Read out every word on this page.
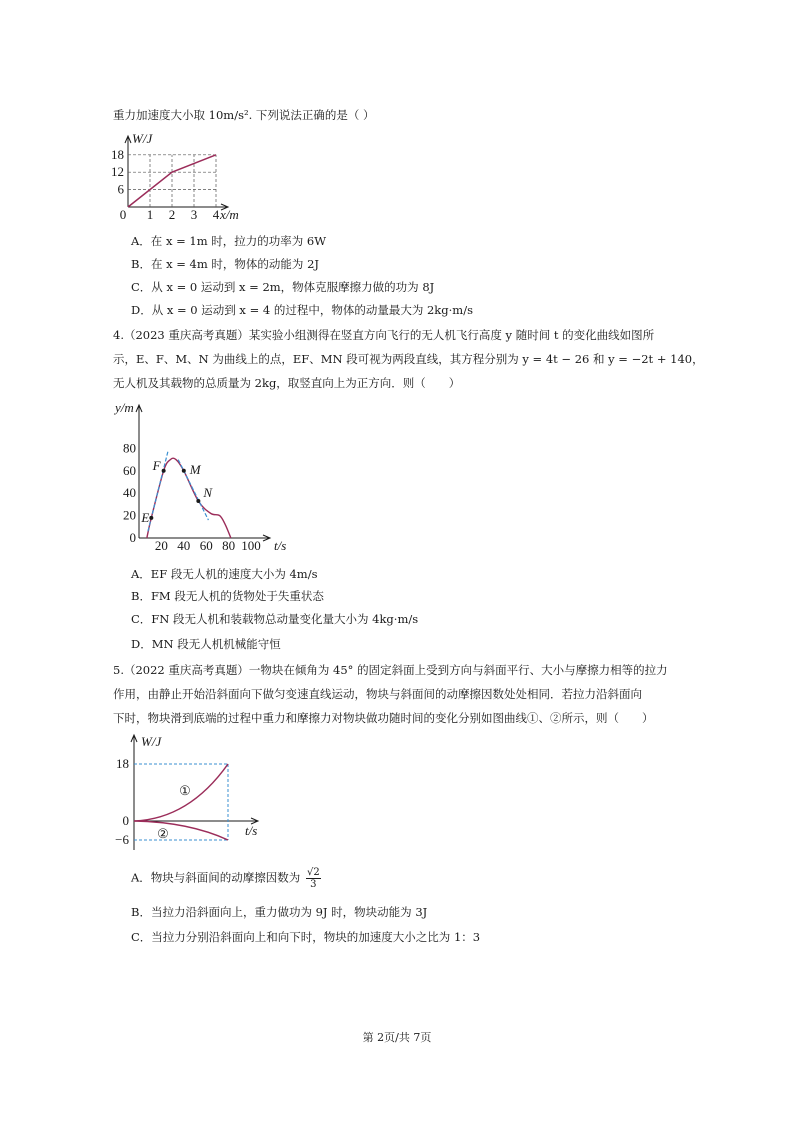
重力加速度大小取 10m/s². 下列说法正确的是（ ）
6
12
18
0 1 2 3 4
W/J
x/m
A．在 x = 1m 时，拉力的功率为 6W
B．在 x = 4m 时，物体的动能为 2J
C．从 x = 0 运动到 x = 2m，物体克服摩擦力做的功为 8J
D．从 x = 0 运动到 x = 4 的过程中，物体的动量最大为 2kg·m/s
4.（2023 重庆高考真题）某实验小组测得在竖直方向飞行的无人机飞行高度 y 随时间 t 的变化曲线如图所
示，E、F、M、N 为曲线上的点，EF、MN 段可视为两段直线，其方程分别为 y = 4t − 26 和 y = −2t + 140，
无人机及其载物的总质量为 2kg，取竖直向上为正方向．则（　　）
0
20
40
60
80
20 40 60 80 100
y/m
t/s
E
F M
N
A．EF 段无人机的速度大小为 4m/s
B．FM 段无人机的货物处于失重状态
C．FN 段无人机和装载物总动量变化量大小为 4kg·m/s
D．MN 段无人机机械能守恒
5.（2022 重庆高考真题）一物块在倾角为 45° 的固定斜面上受到方向与斜面平行、大小与摩擦力相等的拉力
作用，由静止开始沿斜面向下做匀变速直线运动，物块与斜面间的动摩擦因数处处相同．若拉力沿斜面向
下时，物块滑到底端的过程中重力和摩擦力对物块做功随时间的变化分别如图曲线①、②所示，则（　　）
18
0
−6
W/J
t/s
①
②
A．物块与斜面间的动摩擦因数为 $\frac{√2}{3}$
B．当拉力沿斜面向上，重力做功为 9J 时，物块动能为 3J
C．当拉力分别沿斜面向上和向下时，物块的加速度大小之比为 1：3
第 2页/共 7页
